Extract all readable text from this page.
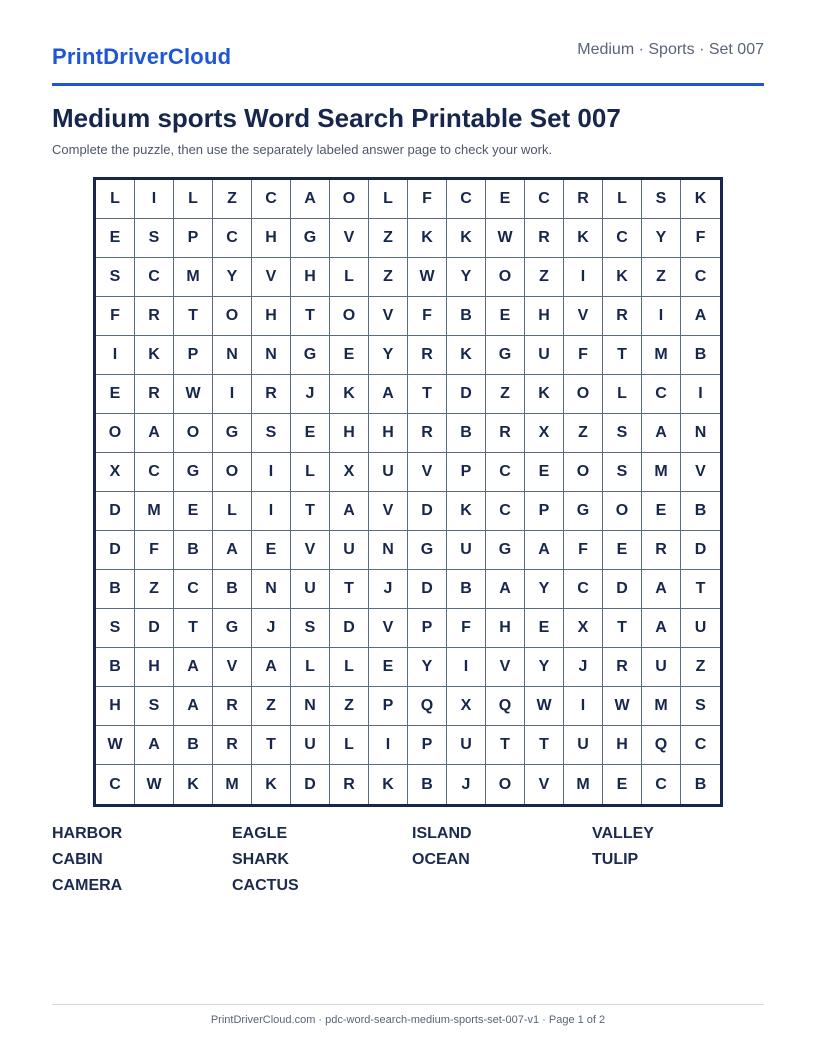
PrintDriverCloud	Medium · Sports · Set 007
Medium sports Word Search Printable Set 007
Complete the puzzle, then use the separately labeled answer page to check your work.
L	I	L	Z	C	A	O	L	F	C	E	C	R	L	S	K
E	S	P	C	H	G	V	Z	K	K	W	R	K	C	Y	F
S	C	M	Y	V	H	L	Z	W	Y	O	Z	I	K	Z	C
F	R	T	O	H	T	O	V	F	B	E	H	V	R	I	A
I	K	P	N	N	G	E	Y	R	K	G	U	F	T	M	B
E	R	W	I	R	J	K	A	T	D	Z	K	O	L	C	I
O	A	O	G	S	E	H	H	R	B	R	X	Z	S	A	N
X	C	G	O	I	L	X	U	V	P	C	E	O	S	M	V
D	M	E	L	I	T	A	V	D	K	C	P	G	O	E	B
D	F	B	A	E	V	U	N	G	U	G	A	F	E	R	D
B	Z	C	B	N	U	T	J	D	B	A	Y	C	D	A	T
S	D	T	G	J	S	D	V	P	F	H	E	X	T	A	U
B	H	A	V	A	L	L	E	Y	I	V	Y	J	R	U	Z
H	S	A	R	Z	N	Z	P	Q	X	Q	W	I	W	M	S
W	A	B	R	T	U	L	I	P	U	T	T	U	H	Q	C
C	W	K	M	K	D	R	K	B	J	O	V	M	E	C	B
HARBOR	EAGLE	ISLAND	VALLEY
CABIN	SHARK	OCEAN	TULIP
CAMERA	CACTUS
PrintDriverCloud.com · pdc-word-search-medium-sports-set-007-v1 · Page 1 of 2
